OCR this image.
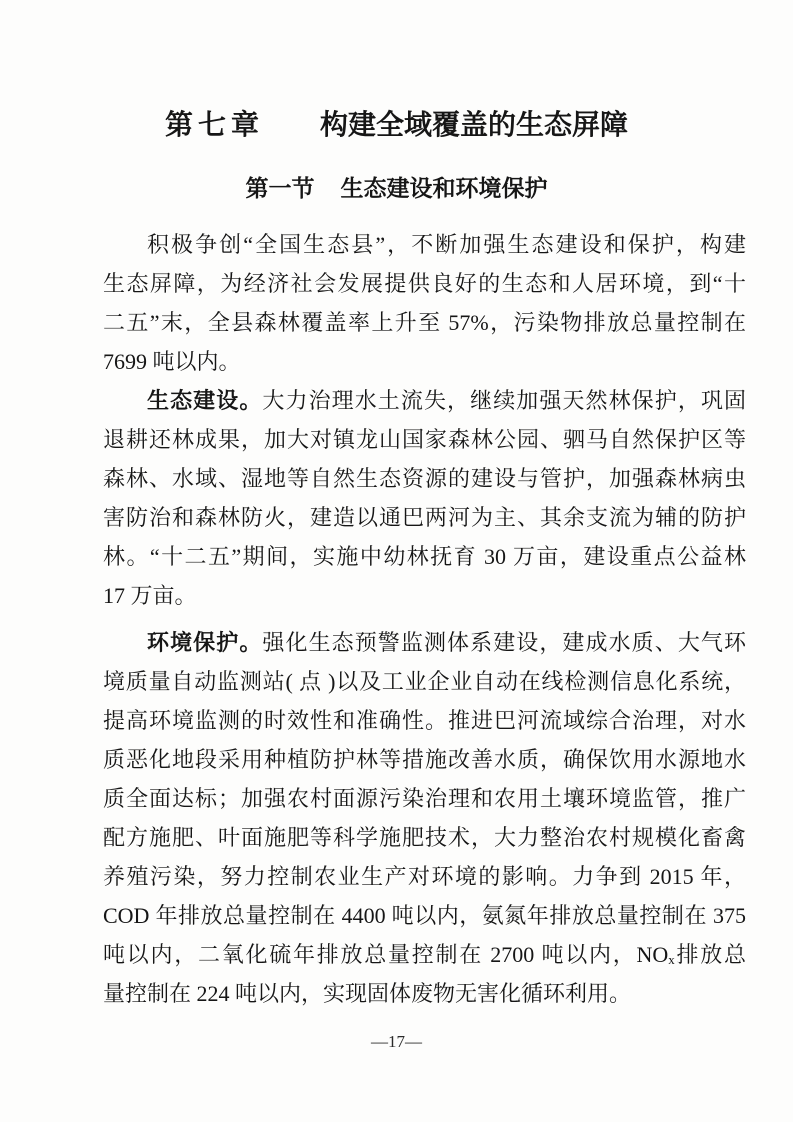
第七章 构建全域覆盖的生态屏障
第一节 生态建设和环境保护
积极争创“全国生态县”，不断加强生态建设和保护，构建
生态屏障，为经济社会发展提供良好的生态和人居环境，到“十
二五”末，全县森林覆盖率上升至 57%，污染物排放总量控制在
7699 吨以内。
生态建设。大力治理水土流失，继续加强天然林保护，巩固
退耕还林成果，加大对镇龙山国家森林公园、驷马自然保护区等
森林、水域、湿地等自然生态资源的建设与管护，加强森林病虫
害防治和森林防火，建造以通巴两河为主、其余支流为辅的防护
林。“十二五”期间，实施中幼林抚育 30 万亩，建设重点公益林
17 万亩。
环境保护。强化生态预警监测体系建设，建成水质、大气环
境质量自动监测站( 点 )以及工业企业自动在线检测信息化系统，
提高环境监测的时效性和准确性。推进巴河流域综合治理，对水
质恶化地段采用种植防护林等措施改善水质，确保饮用水源地水
质全面达标；加强农村面源污染治理和农用土壤环境监管，推广
配方施肥、叶面施肥等科学施肥技术，大力整治农村规模化畜禽
养殖污染，努力控制农业生产对环境的影响。力争到 2015 年，
COD 年排放总量控制在 4400 吨以内，氨氮年排放总量控制在 375
吨以内，二氧化硫年排放总量控制在 2700 吨以内，NOx排放总
量控制在 224 吨以内，实现固体废物无害化循环利用。
—17—
